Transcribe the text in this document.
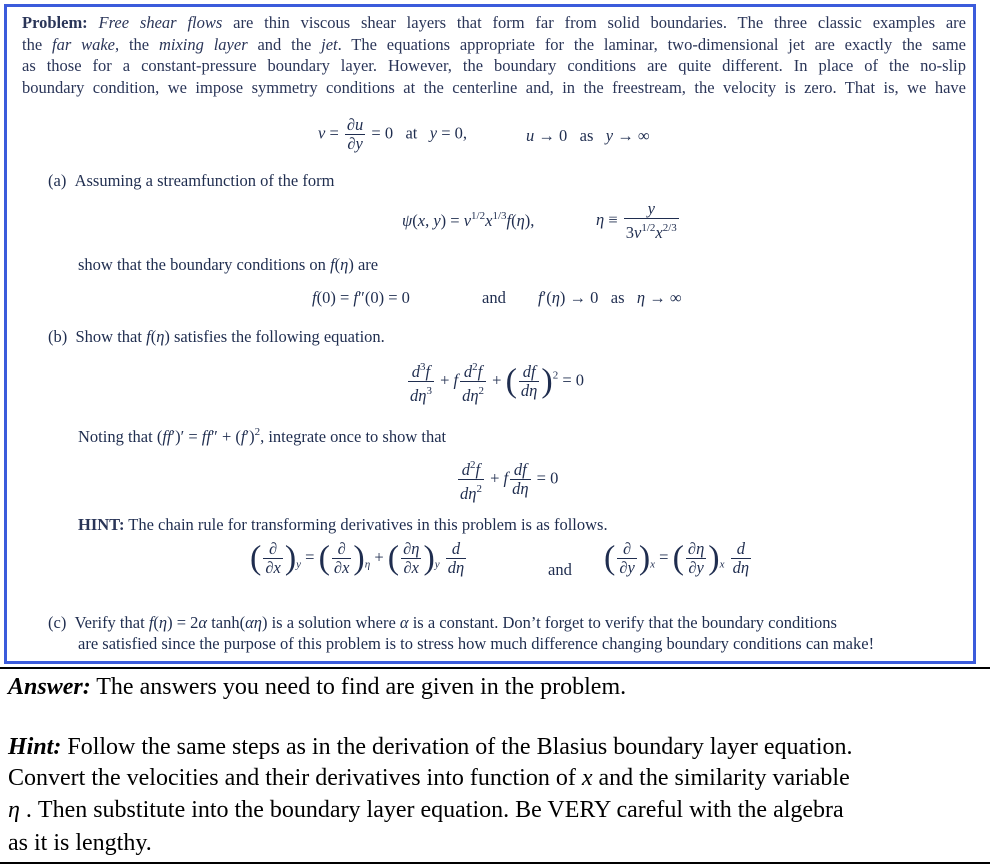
Problem: Free shear flows are thin viscous shear layers that form far from solid boundaries. The three classic examples are
the far wake, the mixing layer and the jet. The equations appropriate for the laminar, two-dimensional jet are exactly the same
as those for a constant-pressure boundary layer. However, the boundary conditions are quite different. In place of the no-slip
boundary condition, we impose symmetry conditions at the centerline and, in the freestream, the velocity is zero. That is, we have
$v = \frac{\partial u}{\partial y} = 0$   at   y = 0,	u → 0   as   y → ∞
(a) Assuming a streamfunction of the form
ψ(x, $y) = \nu^{1/2}x^{1/3}f(\eta)$,	$\eta \equiv \frac{y}{3\nu^{1/2}x^{2/3}}$
show that the boundary conditions on f(η) are
f(0) = f″(0) = 0	and f′(η) → 0   as   η → ∞
(b)  Show that f(η) satisfies the following equation.
$\frac{d^3f}{d\eta^3} + f \frac{d^2f}{d\eta^2}$ + ( $\frac{df}{d\eta} )^2 = 0$
Noting that $(ff')' = ff'' + (f')^2$, integrate once to show that
$\frac{d^2f}{d\eta^2} + f \frac{df}{d\eta} = 0$
HINT: The chain rule for transforming derivatives in this problem is as follows.
( $\frac{\partial}{\partial x} )_y$ = ( $\frac{\partial}{\partial x} )_\eta$ + ( $\frac{\partial\eta}{\partial x} )_y \frac{d}{d\eta}$	and ( $\frac{\partial}{\partial y} )_x$ = ( $\frac{\partial\eta}{\partial y} )_x \frac{d}{d\eta}$
(c)  Verify that f(η) = 2α tanh(αη) is a solution where α is a constant. Don’t forget to verify that the boundary conditions
are satisfied since the purpose of this problem is to stress how much difference changing boundary conditions can make!
Answer: The answers you need to find are given in the problem.
Hint: Follow the same steps as in the derivation of the Blasius boundary layer equation.
Convert the velocities and their derivatives into function of x and the similarity variable
η . Then substitute into the boundary layer equation. Be VERY careful with the algebra
as it is lengthy.
